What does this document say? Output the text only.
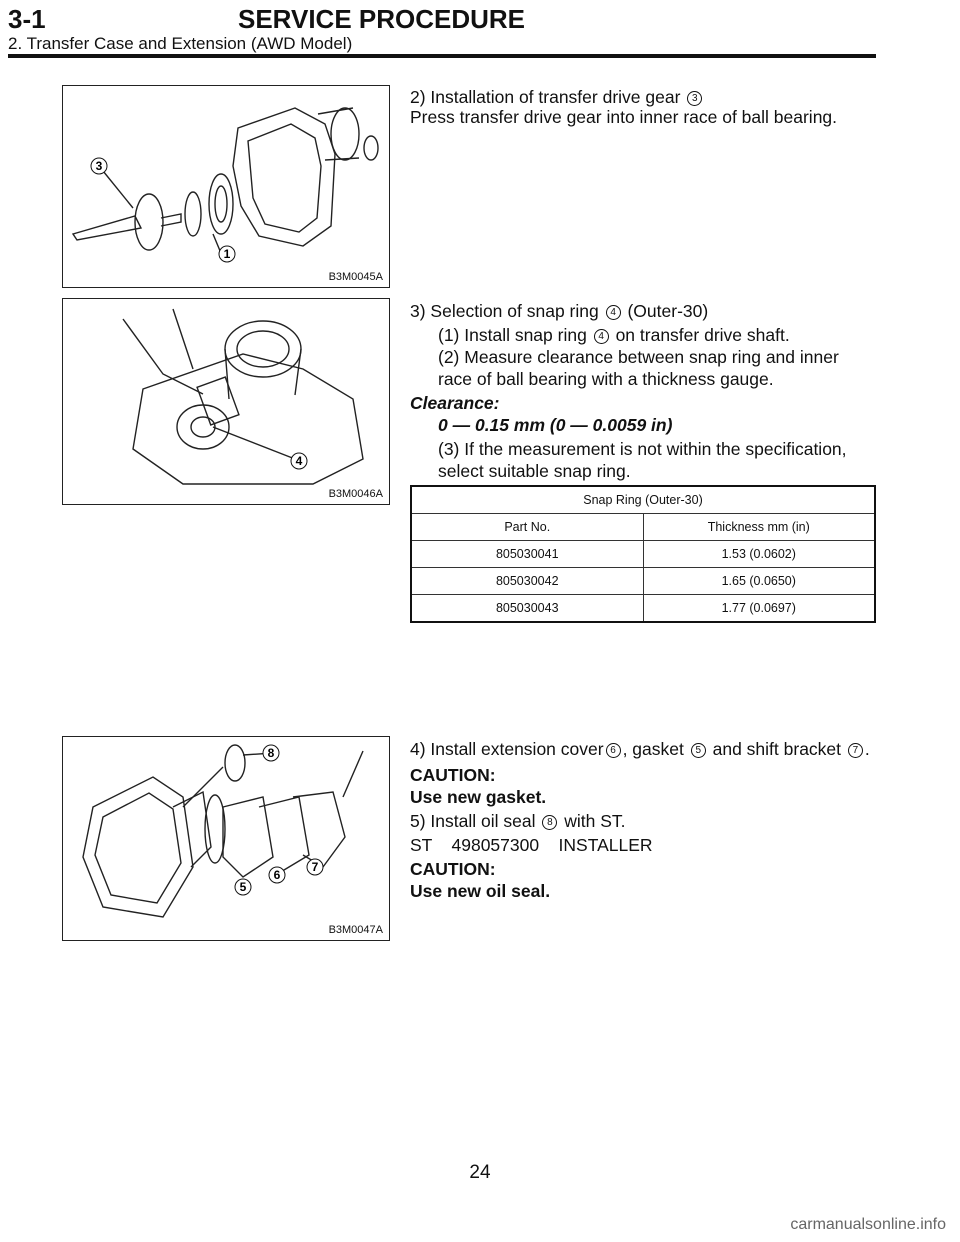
3-1	SERVICE PROCEDURE
2. Transfer Case and Extension (AWD Model)
3
1
B3M0045A
4
B3M0046A
8
5
6
7
B3M0047A
2) Installation of transfer drive gear 3
Press transfer drive gear into inner race of ball bearing.
3) Selection of snap ring 4 (Outer-30)
(1) Install snap ring 4 on transfer drive shaft.
(2) Measure clearance between snap ring and inner
race of ball bearing with a thickness gauge.
Clearance:
0 — 0.15 mm (0 — 0.0059 in)
(3) If the measurement is not within the specification,
select suitable snap ring.
Snap Ring (Outer-30)	
Part No.	Thickness mm (in)
805030041	1.53 (0.0602)
805030042	1.65 (0.0650)
805030043	1.77 (0.0697)
4) Install extension cover 6 , gasket 5 and shift bracket 7 .
CAUTION:
Use new gasket.
5) Install oil seal 8 with ST.
ST    498057300    INSTALLER
CAUTION:
Use new oil seal.
24
carmanualsonline.info
